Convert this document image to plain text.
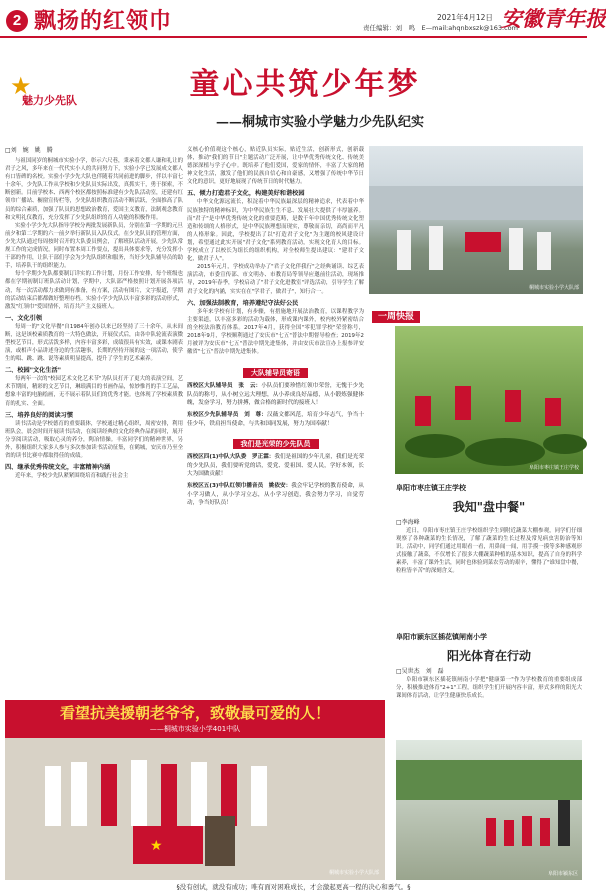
2 飘扬的红领巾	责任编辑：刘　鸣　E—mail:ahqnbxszk@163.com
2021年4月12日 安徽青年报
★
魅力少先队	童心共筑少年梦
——桐城市实验小学魅力少先队纪实
□刘　婉　姚　腾

与祖国同岁的桐城市实验小学，彰示六尺巷，秉承着文都人谦和礼让的君子之风，多年来在一代代实小人的共同努力下，实验小学已发展成文都人有口皆碑的名校。实验小学少先大队也伴随着共同前进的脚步，伴以丰富七十余年，少先队工作从学校和少先队员实际出发，真抓实干，勇于探索，不断创新。目前学校本、西两个校区都按照标准建有少先队活动室，还建有红领巾广播站、橱窗宣传栏等，少先队组织教育活动不断活跃，全面推高了队员的综合素质，加强了队员的思想政治教育，爱国主义教育，法制观念教育和文明礼仪教育，充分发挥了少先队组织的育人功能的积极作用。

实验小学少先大队指导学校分两批发展新队员，分别在第一学期的元旦前夕和第二学期的六一前夕举行新队员入队仪式。在少先队员的管理方面，少先大队通过每周按时召开的大队委员例会，了解班队活动开展，少先队常规工作的完成情况，同时布置本周工作要点，提出具体要求等，充分发挥小干部的作用，让队干部们学会为少先队组织和服务，当好少先队辅导员的助手，培养队干的组织能力。

每个学期少先队都要制订详实的工作计划，月份工作安排，每个班级也都在学期初制订班队活动计划，学期中，大队部严格按照计划开展各项活动，每一次活动都力求做到有准备，有方案，活动有图片，文字报道，学期的活动结束后都都做好整理存档。实验小学少先队以丰富多彩的活动形式，激发"红领巾"爱国情怀，培育共产主义接班人。

一、文化引领

每周一的"文化早餐"自1984年创办以来已经坚持了三十余年，从未间断，这是该校素质教育的一大特色做法，开展仪式后，由各中队轮流表演微型校艺节目，形式活泼多样，内容丰富多彩，成绩很具有实效，或课本剧表演，或相声小品讲述身边的生活趣事，长期的坚持开展的这一项活动，使学生的唱、跳、跳、说等素质明显提高，提升了学生的艺术素养。

二、校园"文化生活"

每两年一次的"校园艺术文化艺术节"为队员打开了更大的表演空间，艺术节期间，精彩的文艺节目，琳琅满目的书画作品，惊妙惟肖的手工艺品，想象丰富的电脑绘画，无不展示着队员们的优秀才能。也体现了学校素质教育的扎实、全面。

三、培养良好的阅读习惯

读书活动是学校德育的重要载体，学校通过精心组织，周密安排，利用班队会，晨会时间开展读书活动，在阅读经典的文化经典作品的同时，展开分享阅读活动，吸取心灵的养分，陶冶情操。丰富同学们的精神世界，另外，积极组织大家多人参与多次参加读书活动征集，在鹤城，安庆市乃至全省的读书比赛中都取得佳的成绩。

四、继承优秀传统文化，丰富精神内涵

近年来，学校少先队紧紧围绕培育和践行社会主

义核心价值观这个核心，贴近队员实际，贴近生活，创新形式，创新载体，推动"我们的节日"主题活动广泛开展，让中华优秀传统文化、传统美德深深植与学子心中。既培养了他们爱国，爱家的情怀，丰富了大家的精神文化生活，激发了他们的民族自信心和自豪感，又增强了传统中华节日文化的意识，更好地展现了传统节日的时代魅力。

五、倾力打造君子文化，构建美好和谐校园

中华文化源远流长，积淀着中华民族最深层的精神追求，代表着中华民族独特的精神标识，为中华民族生生不息、发展壮大提供了丰厚滋养。而"君子"是中华优秀传统文化的重要范畴，是数千年中国优秀传统文化塑造和传颂的人格形式，是中华民族理想而现实，尊敬而亲切，高尚而平凡的人格形象。因此，学校提出了以"打造君子文化"为主题的校风建设计划，希望通过此实开展"君子文化"系列教育活动，实现文化育人的目标。学校成立了以校长为组长的组织机构，对全校师生提出建议："建君子文化，做君子人"。

2015年元月，学校成功举办了"君子文化伴我行"之经典诵读、综艺表演活动，市委宣传部、市文明办、市教育局等领导应邀前往活动，现场推导，2019年春季，学校启动了"君子文化进教室"评选活动，引导学生了解君子文化的内涵，实实在在"学君子，做君子"，知行合一。

六、加强法制教育，培养遵纪守法好公民

多年来学校有计划，有步骤，有措施地开展法治教育，以课程教学为主要渠道，以丰富多彩的活动为载体，形成课内课外，校内校外紧密结合的全校法治教育体系。2017年4月，获得全国"零犯罪学校"荣誉称号，2018年9月，学校顺利通过了安庆市"七五"普法中期督导检查；2019年2月被评为安庆市"七五"普法中期先进集体，并由安庆市法宣办上报参评安徽省"七五"普法中期先进集体。

大队辅导员寄语

西校区大队辅导员　张　云：小队员们要珍惜红领巾荣誉，无愧于少先队员的称号，从小树立远大理想，从小养成良好品德，从小锻炼强健体魄，发奋学习，努力拼搏，做合格的新时代的接班人！

东校区少先队辅导员　刘　尊：汉薇文都风范，培育少年志气，争当十佳少年，铁肩担当使命，与共和国同发展，努力为国奉献！

我们是光荣的少先队员

西校区四(1)中队大队委　罗正霖：我们是祖国的少年儿童，我们是光荣的少先队员，我们要听党的话，爱党、爱祖国、爱人民，学好本领，长大为国做贡献！

东校区五(3)中队红领巾播音员　姚依安：我会牢记学校的教育使命，从小学习做人，从小学习立志，从小学习创造，我会努力学习，自觉劳动，争当好队员！

桐城市实验小学大队部
一周快报
阜阳市枣庄镇王庄学校
阜阳市枣庄镇王庄学校
我知"盘中餐"
□李海峰

近日，阜阳市枣庄镇王庄学校组织学生到附近蔬菜大棚参观，同学们仔细观察了各种蔬菜的生长情况，了解了蔬菜的生长过程及常见病虫害防治等知识。活动中，同学们通过用眼看一看，用鼻闻一闻，用手摸一摸等多种感观形式接触了蔬菜，不仅增长了很多大棚蔬菜种植的基本知识，提高了自身的科学素养，丰富了课外生活，同时也体验到菜农劳动的艰辛，懂得了"谁知盘中餐，粒粒皆辛苦"的深刻含义。

阜阳市颍东区插花镇闸南小学
阳光体育在行动
□吴世杰　刘　磊

阜阳市颍东区插花镇闸南小学把"健康第一"作为学校教育的重要组成部分，积极推进体育"2+1"工程，组织学生们开展内容丰富，形式多样的阳光大课间体育活动，让学生健康快乐成长。

阜阳市颍东区
看望抗美援朝老爷爷，致敬最可爱的人！
——桐城市实验小学401中队
★
桐城市实验小学大队部
§没有创试，就没有成功；唯有面对困难成长，才会激起更高一程的决心和勇气。§
